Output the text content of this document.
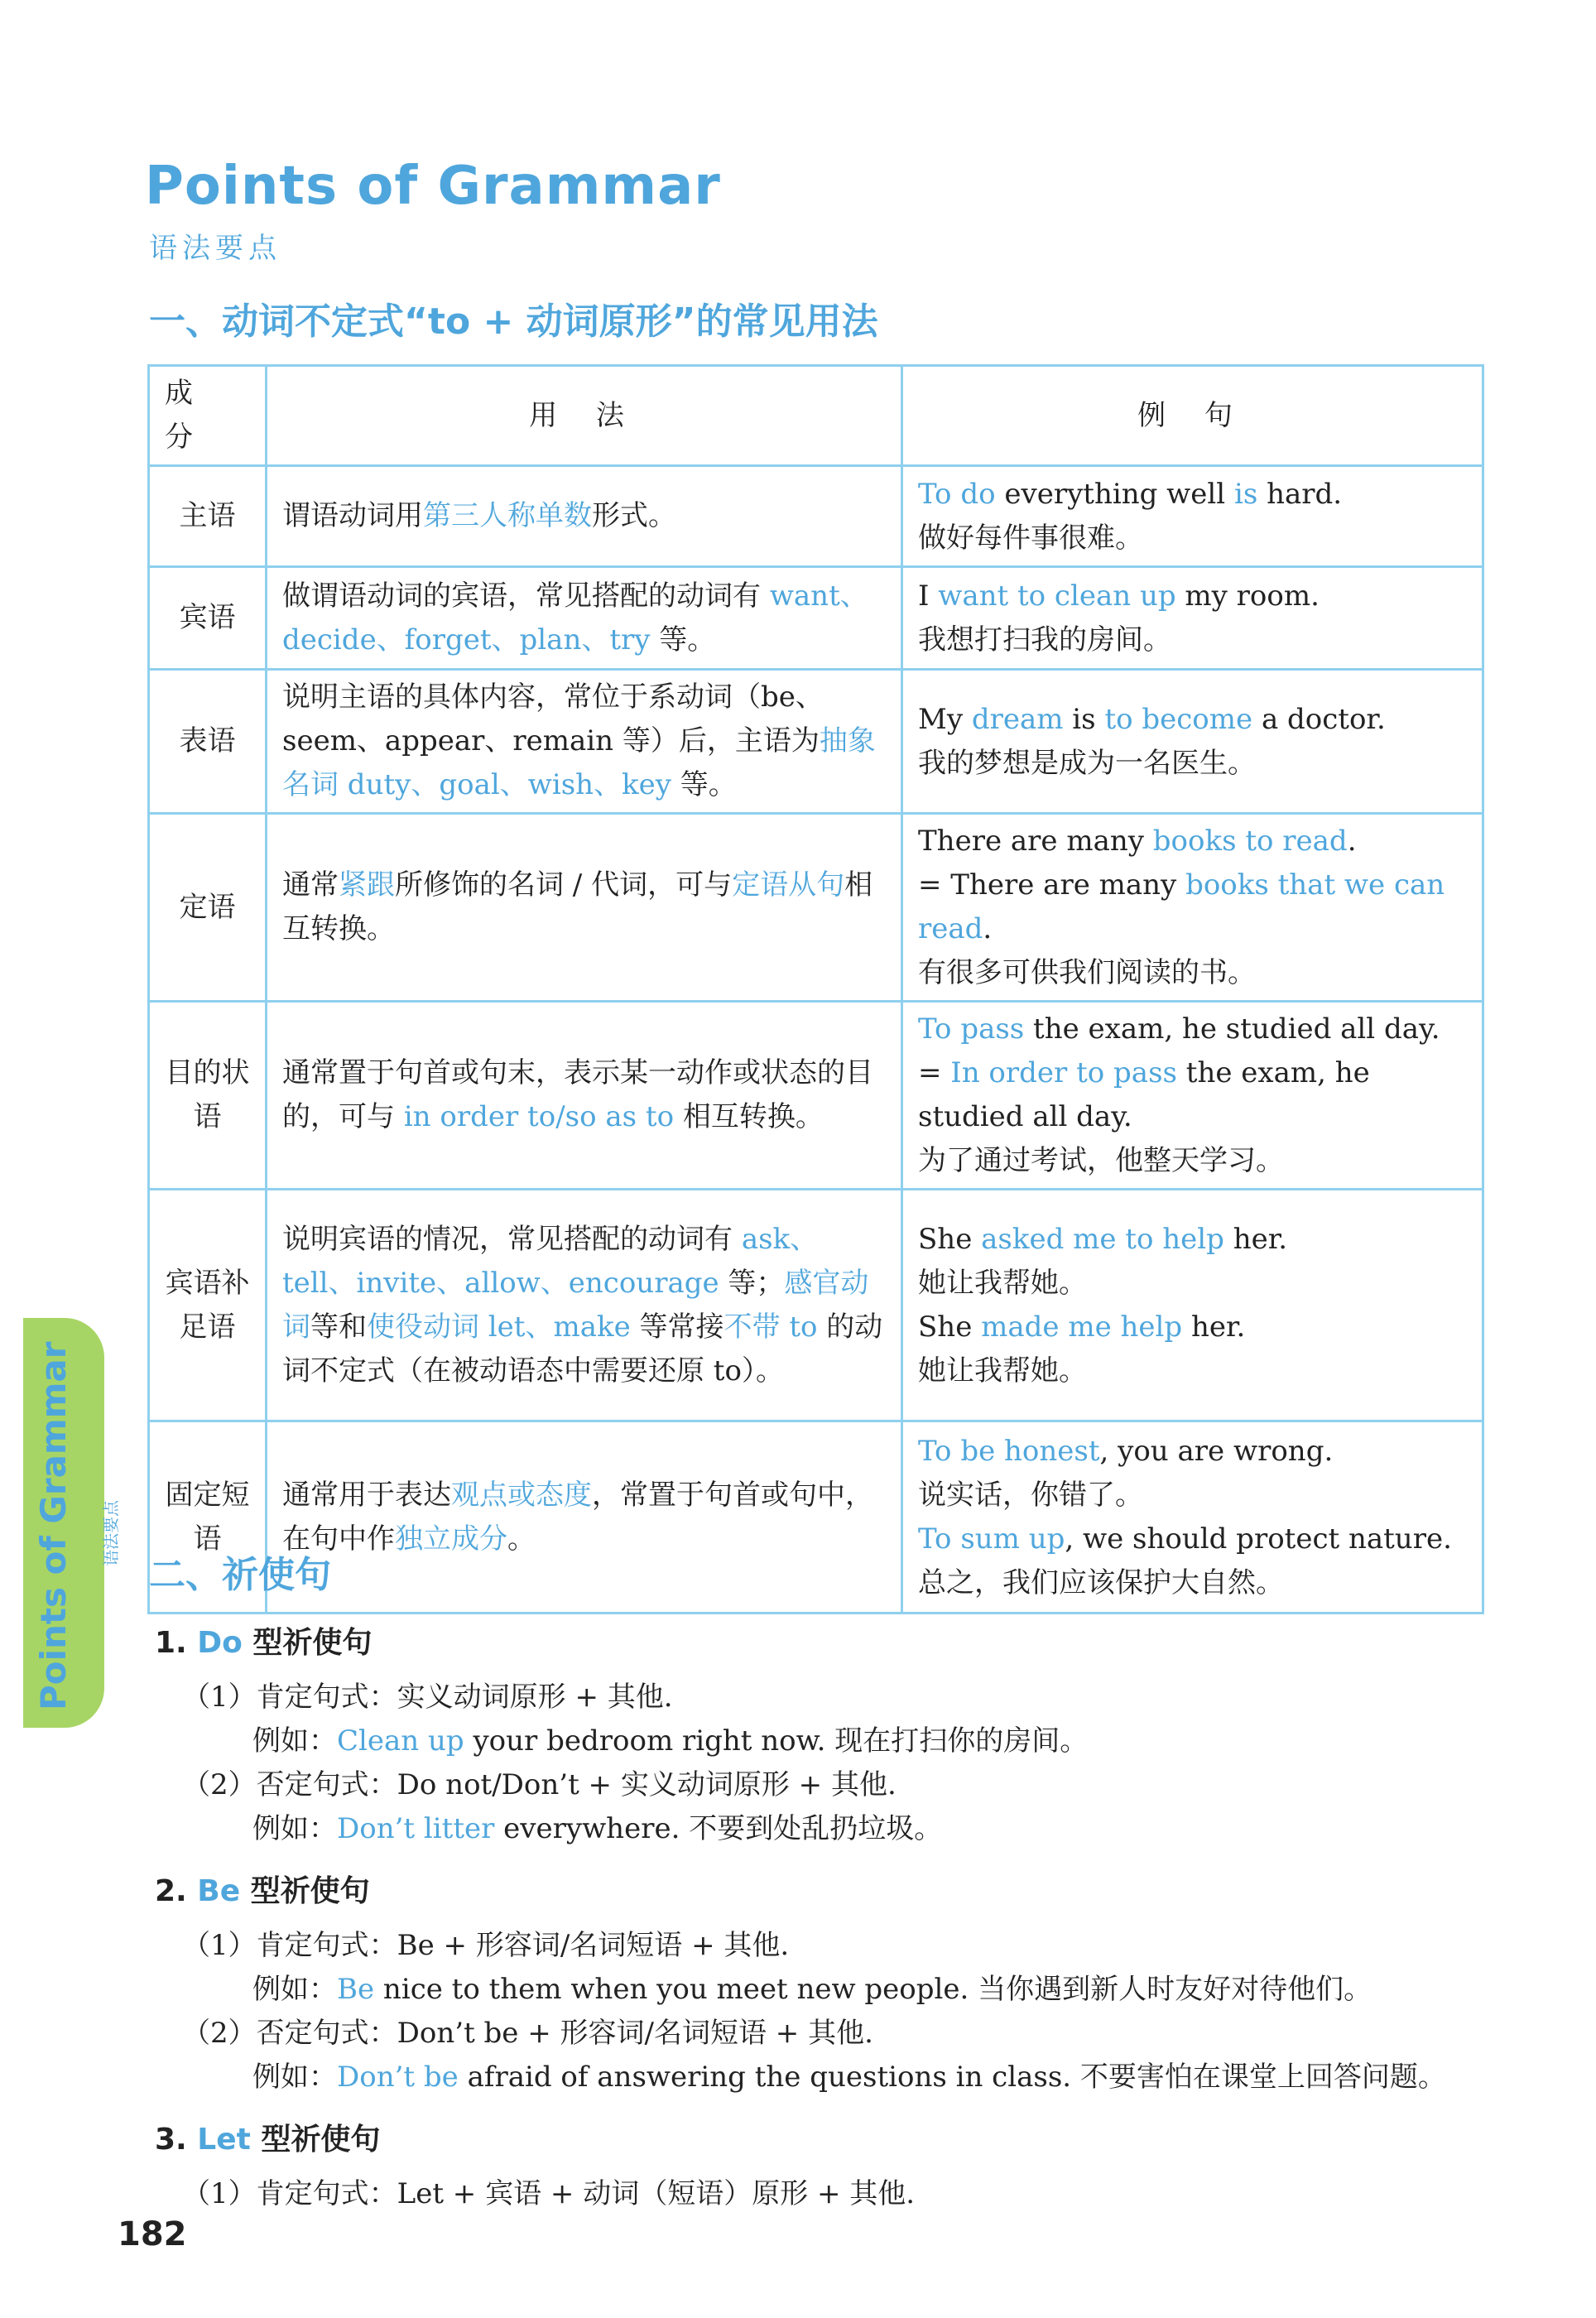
Points of Grammar
语法要点
一、动词不定式“to + 动词原形”的常见用法
成 分	用 法	例 句
主语	谓语动词用第三人称单数形式。	To do everything well is hard.
做好每件事很难。

宾语	做谓语动词的宾语，常见搭配的动词有 want、decide、forget、plan、try 等。	I want to clean up my room.
我想打扫我的房间。

表语	说明主语的具体内容，常位于系动词（be、seem、appear、remain 等）后，主语为抽象名词 duty、goal、wish、key 等。	My dream is to become a doctor.
我的梦想是成为一名医生。

定语	通常紧跟所修饰的名词 / 代词，可与定语从句相互转换。	There are many books to read.
= There are many books that we can read.
有很多可供我们阅读的书。

目的状语	通常置于句首或句末，表示某一动作或状态的目的，可与 in order to/so as to 相互转换。	To pass the exam, he studied all day.
= In order to pass the exam, he studied all day.
为了通过考试，他整天学习。

宾语补足语	说明宾语的情况，常见搭配的动词有 ask、tell、invite、allow、encourage 等；感官动词等和使役动词 let、make 等常接不带 to 的动词不定式（在被动语态中需要还原 to）。	She asked me to help her.
她让我帮她。
She made me help her.
她让我帮她。

固定短语	通常用于表达观点或态度，常置于句首或句中，在句中作独立成分。	To be honest, you are wrong.
说实话，你错了。
To sum up, we should protect nature.
总之，我们应该保护大自然。
Points of Grammar 语法要点
二、祈使句
1. Do 型祈使句
（1）肯定句式：实义动词原形 + 其他.
例如：Clean up your bedroom right now. 现在打扫你的房间。
（2）否定句式：Do not/Don’t + 实义动词原形 + 其他.
例如：Don’t litter everywhere. 不要到处乱扔垃圾。
2. Be 型祈使句
（1）肯定句式：Be + 形容词/名词短语 + 其他.
例如：Be nice to them when you meet new people. 当你遇到新人时友好对待他们。
（2）否定句式：Don’t be + 形容词/名词短语 + 其他.
例如：Don’t be afraid of answering the questions in class. 不要害怕在课堂上回答问题。
3. Let 型祈使句
（1）肯定句式：Let + 宾语 + 动词（短语）原形 + 其他.
182
